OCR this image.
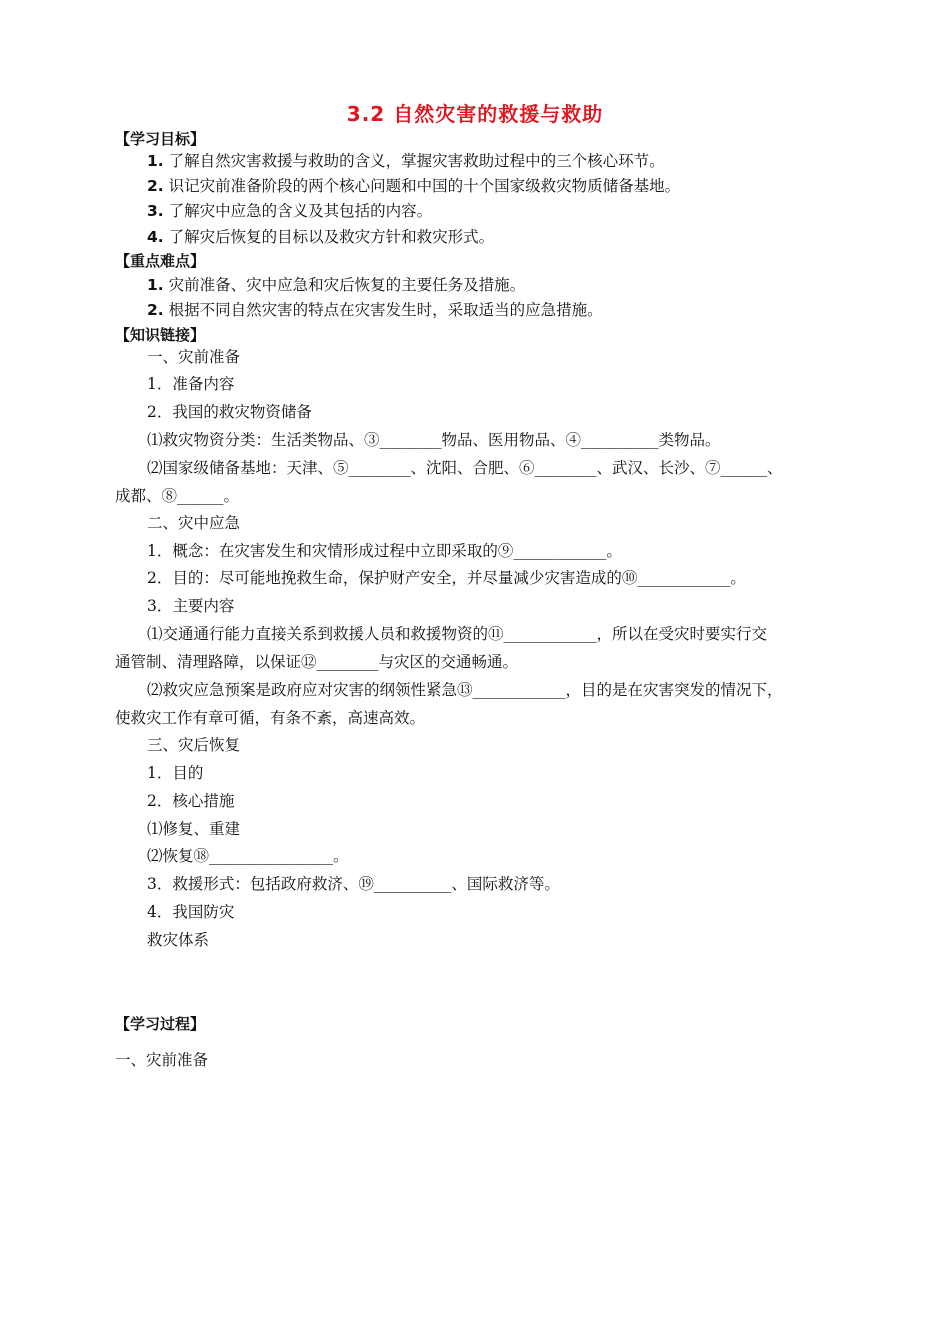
3.2 自然灾害的救援与救助
【学习目标】
1. 了解自然灾害救援与救助的含义，掌握灾害救助过程中的三个核心环节。
2. 识记灾前准备阶段的两个核心问题和中国的十个国家级救灾物质储备基地。
3. 了解灾中应急的含义及其包括的内容。
4. 了解灾后恢复的目标以及救灾方针和救灾形式。
【重点难点】
1. 灾前准备、灾中应急和灾后恢复的主要任务及措施。
2. 根据不同自然灾害的特点在灾害发生时，采取适当的应急措施。
【知识链接】
一、灾前准备
1．准备内容
2．我国的救灾物资储备
⑴救灾物资分类：生活类物品、③________物品、医用物品、④__________类物品。
⑵国家级储备基地：天津、⑤________、沈阳、合肥、⑥________、武汉、长沙、⑦______、
成都、⑧______。
二、灾中应急
1．概念：在灾害发生和灾情形成过程中立即采取的⑨____________。
2．目的：尽可能地挽救生命，保护财产安全，并尽量减少灾害造成的⑩____________。
3．主要内容
⑴交通通行能力直接关系到救援人员和救援物资的⑪____________，所以在受灾时要实行交
通管制、清理路障，以保证⑫________与灾区的交通畅通。
⑵救灾应急预案是政府应对灾害的纲领性紧急⑬____________，目的是在灾害突发的情况下，
使救灾工作有章可循，有条不紊，高速高效。
三、灾后恢复
1．目的
2．核心措施
⑴修复、重建
⑵恢复⑱________________。
3．救援形式：包括政府救济、⑲__________、国际救济等。
4．我国防灾
救灾体系
【学习过程】
一、灾前准备
